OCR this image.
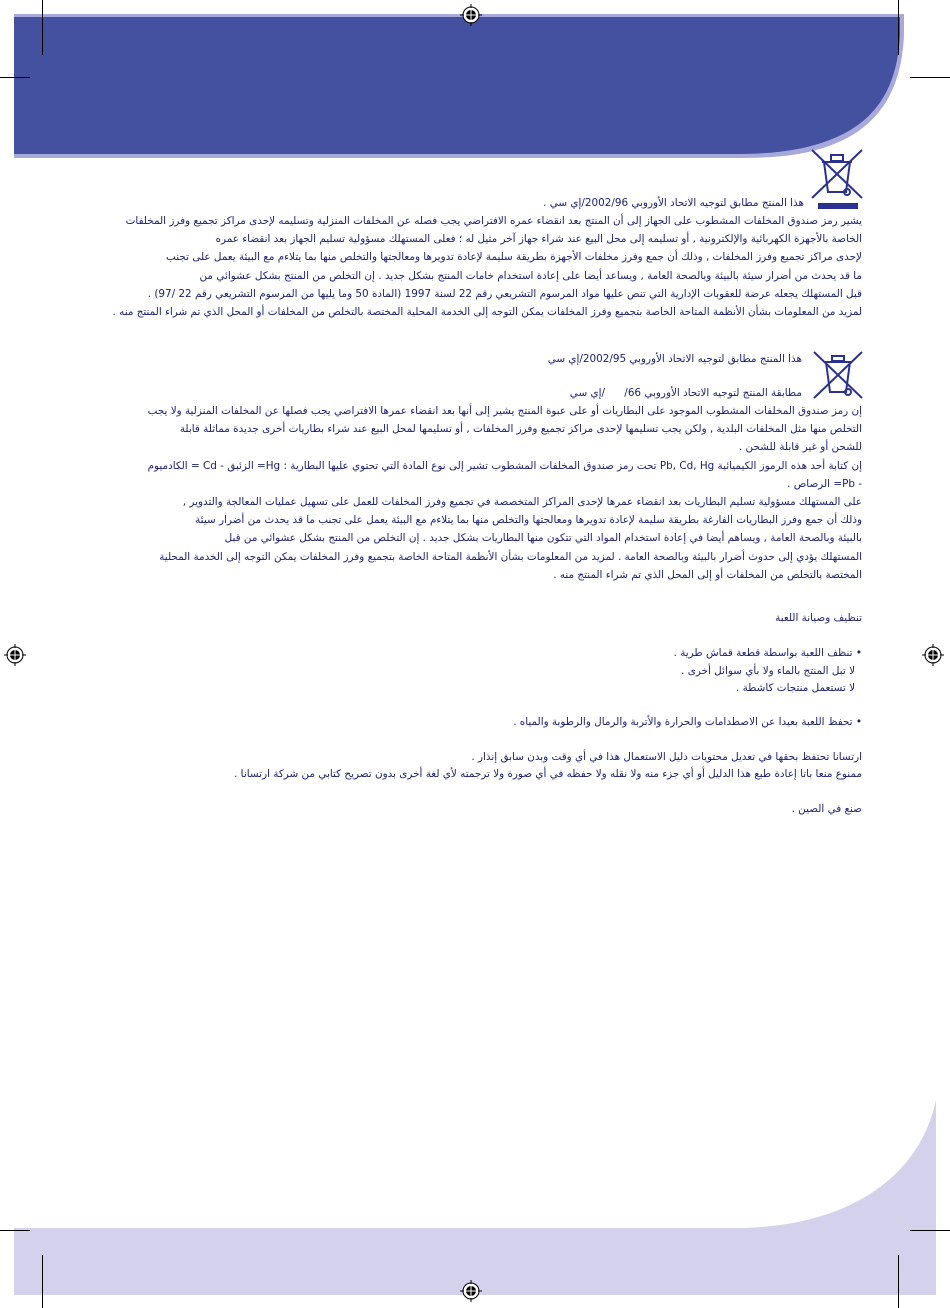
هذا المنتج مطابق لتوجيه الاتحاد الأوروبي 2002/96/إي سي .
يشير رمز صندوق المخلفات المشطوب على الجهاز إلى أن المنتج بعد انقضاء عمره الافتراضي يجب فصله عن المخلفات المنزلية وتسليمه لإحدى مراكز تجميع وفرز المخلفات
الخاصة بالأجهزة الكهربائية والإلكترونية , أو تسليمه إلى محل البيع عند شراء جهاز آخر مثيل له ؛ فعلى المستهلك مسؤولية تسليم الجهاز بعد انقضاء عمره
لإحدى مراكز تجميع وفرز المخلفات , وذلك أن جمع وفرز مخلفات الأجهزة بطريقة سليمة لإعادة تدويرها ومعالجتها والتخلص منها بما يتلاءم مع البيئة يعمل على تجنب
ما قد يحدث من أضرار سيئة بالبيئة وبالصحة العامة , ويساعد أيضا على إعادة استخدام خامات المنتج بشكل جديد . إن التخلص من المنتج بشكل عشوائي من
قبل المستهلك يجعله عرضة للعقوبات الإدارية التي تنص عليها مواد المرسوم التشريعي رقم 22 لسنة 1997 (المادة 50 وما يليها من المرسوم التشريعي رقم 22 /97) .
لمزيد من المعلومات بشأن الأنظمة المتاحة الخاصة بتجميع وفرز المخلفات يمكن التوجه إلى الخدمة المحلية المختصة بالتخلص من المخلفات أو المحل الذي تم شراء المنتج منه .
هذا المنتج مطابق لتوجيه الاتحاد الأوروبي 2002/95/إي سي
مطابقة المنتج لتوجيه الاتحاد الأوروبي 66/
/إي سي
إن رمز صندوق المخلفات المشطوب الموجود على البطاريات أو على عبوة المنتج يشير إلى أنها بعد انقضاء عمرها الافتراضي يجب فصلها عن المخلفات المنزلية ولا يجب
التخلص منها مثل المخلفات البلدية , ولكن يجب تسليمها لإحدى مراكز تجميع وفرز المخلفات , أو تسليمها لمحل البيع عند شراء بطاريات أخرى جديدة مماثلة قابلة
للشحن أو غير قابلة للشحن .
إن كتابة أحد هذه الرموز الكيميائية Pb, Cd, Hg تحت رمز صندوق المخلفات المشطوب تشير إلى نوع المادة التي تحتوي عليها البطارية : Hg= الزئبق - Cd = الكادميوم
- Pb= الرصاص .
على المستهلك مسؤولية تسليم البطاريات بعد انقضاء عمرها لإحدى المراكز المتخصصة في تجميع وفرز المخلفات للعمل على تسهيل عمليات المعالجة والتدوير ,
وذلك أن جمع وفرز البطاريات الفارغة بطريقة سليمة لإعادة تدويرها ومعالجتها والتخلص منها بما يتلاءم مع البيئة يعمل على تجنب ما قد يحدث من أضرار سيئة
بالبيئة وبالصحة العامة , ويساهم أيضا في إعادة استخدام المواد التي تتكون منها البطاريات بشكل جديد . إن التخلص من المنتج بشكل عشوائي من قبل
المستهلك يؤدي إلى حدوث أضرار بالبيئة وبالصحة العامة . لمزيد من المعلومات بشأن الأنظمة المتاحة الخاصة بتجميع وفرز المخلفات يمكن التوجه إلى الخدمة المحلية
المختصة بالتخلص من المخلفات أو إلى المحل الذي تم شراء المنتج منه .
تنظيف وصيانة اللعبة
• تنظف اللعبة بواسطة قطعة قماش طرية .
لا تبل المنتج بالماء ولا بأي سوائل أخرى .
لا تستعمل منتجات كاشطة .
• تحفظ اللعبة بعيدا عن الاصطدامات والحرارة والأتربة والرمال والرطوبة والمياه .
ارتسانا تحتفظ بحقها في تعديل محتويات دليل الاستعمال هذا في أي وقت وبدن سابق إنذار .
ممنوع منعا باتا إعادة طبع هذا الدليل أو أي جزء منه ولا نقله ولا حفظه في أي صورة ولا ترجمته لأي لغة أخرى بدون تصريح كتابي من شركة ارتسانا .
صنع في الصين .
